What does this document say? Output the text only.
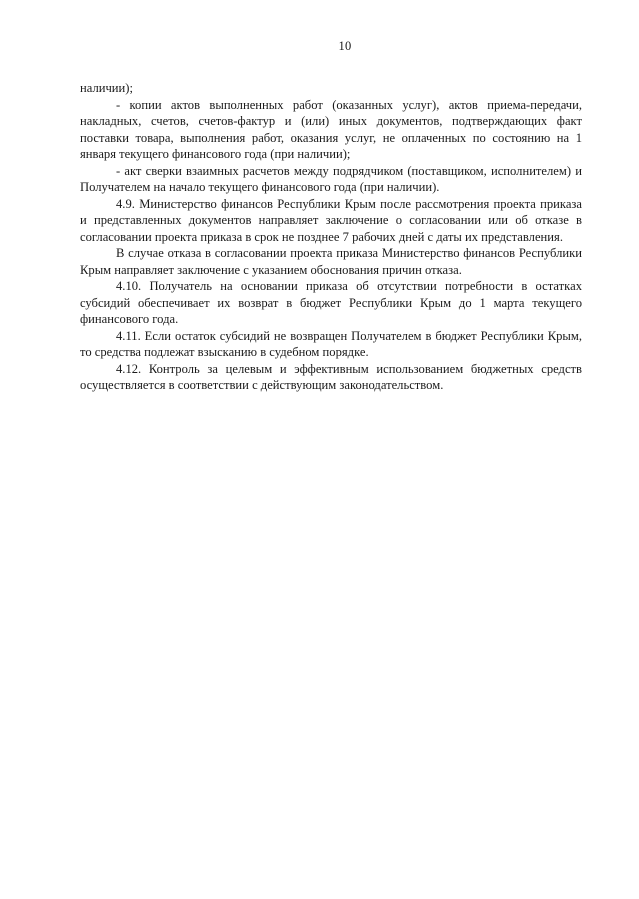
10

наличии);

- копии актов выполненных работ (оказанных услуг), актов приема-передачи, накладных, счетов, счетов-фактур и (или) иных документов, подтверждающих факт поставки товара, выполнения работ, оказания услуг, не оплаченных по состоянию на 1 января текущего финансового года (при наличии);

- акт сверки взаимных расчетов между подрядчиком (поставщиком, исполнителем) и Получателем на начало текущего финансового года (при наличии).

4.9. Министерство финансов Республики Крым после рассмотрения проекта приказа и представленных документов направляет заключение о согласовании или об отказе в согласовании проекта приказа в срок не позднее 7 рабочих дней с даты их представления.

В случае отказа в согласовании проекта приказа Министерство финансов Республики Крым направляет заключение с указанием обоснования причин отказа.

4.10. Получатель на основании приказа об отсутствии потребности в остатках субсидий обеспечивает их возврат в бюджет Республики Крым до 1 марта текущего финансового года.

4.11. Если остаток субсидий не возвращен Получателем в бюджет Республики Крым, то средства подлежат взысканию в судебном порядке.

4.12. Контроль за целевым и эффективным использованием бюджетных средств осуществляется в соответствии с действующим законодательством.
